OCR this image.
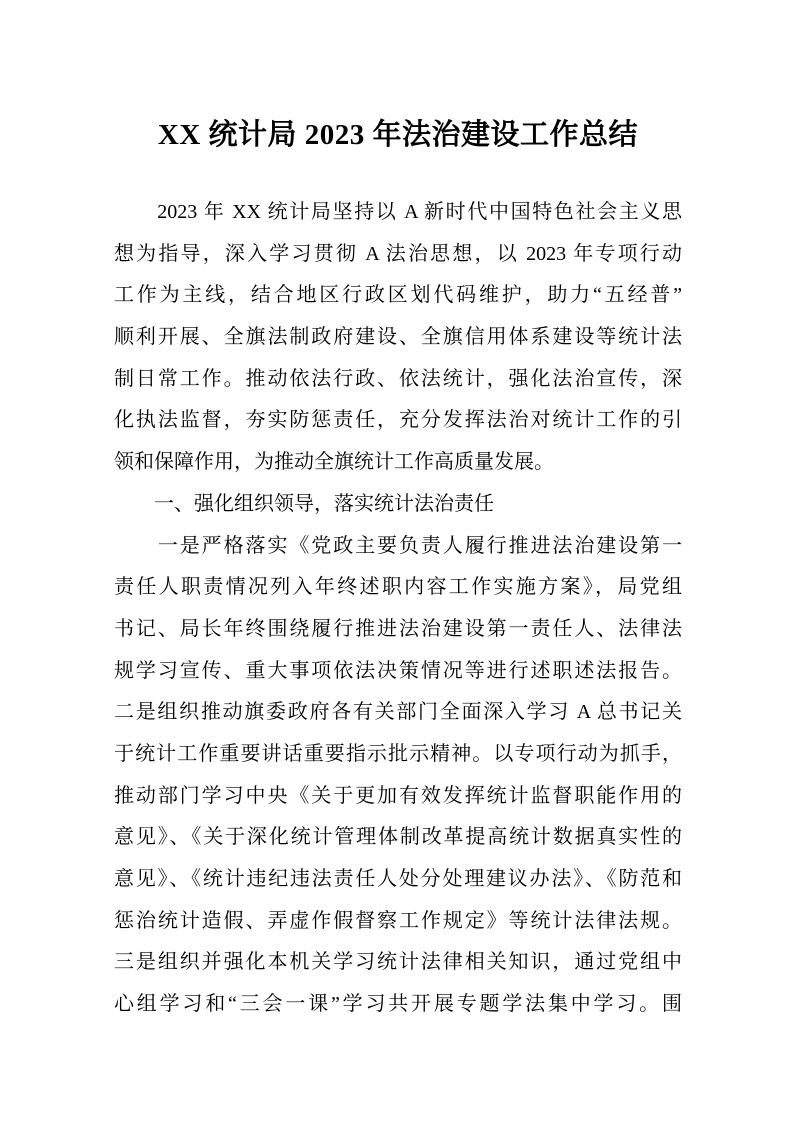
XX 统计局 2023 年法治建设工作总结
　　2023 年 XX 统计局坚持以 A 新时代中国特色社会主义思
想为指导，深入学习贯彻 A 法治思想，以 2023 年专项行动
工作为主线，结合地区行政区划代码维护，助力“五经普”
顺利开展、全旗法制政府建设、全旗信用体系建设等统计法
制日常工作。推动依法行政、依法统计，强化法治宣传，深
化执法监督，夯实防惩责任，充分发挥法治对统计工作的引
领和保障作用，为推动全旗统计工作高质量发展。
　　一、强化组织领导，落实统计法治责任
　　一是严格落实《党政主要负责人履行推进法治建设第一
责任人职责情况列入年终述职内容工作实施方案》，局党组
书记、局长年终围绕履行推进法治建设第一责任人、法律法
规学习宣传、重大事项依法决策情况等进行述职述法报告。
二是组织推动旗委政府各有关部门全面深入学习 A 总书记关
于统计工作重要讲话重要指示批示精神。以专项行动为抓手，
推动部门学习中央《关于更加有效发挥统计监督职能作用的
意见》、《关于深化统计管理体制改革提高统计数据真实性的
意见》、《统计违纪违法责任人处分处理建议办法》、《防范和
惩治统计造假、弄虚作假督察工作规定》等统计法律法规。
三是组织并强化本机关学习统计法律相关知识，通过党组中
心组学习和“三会一课”学习共开展专题学法集中学习。围
